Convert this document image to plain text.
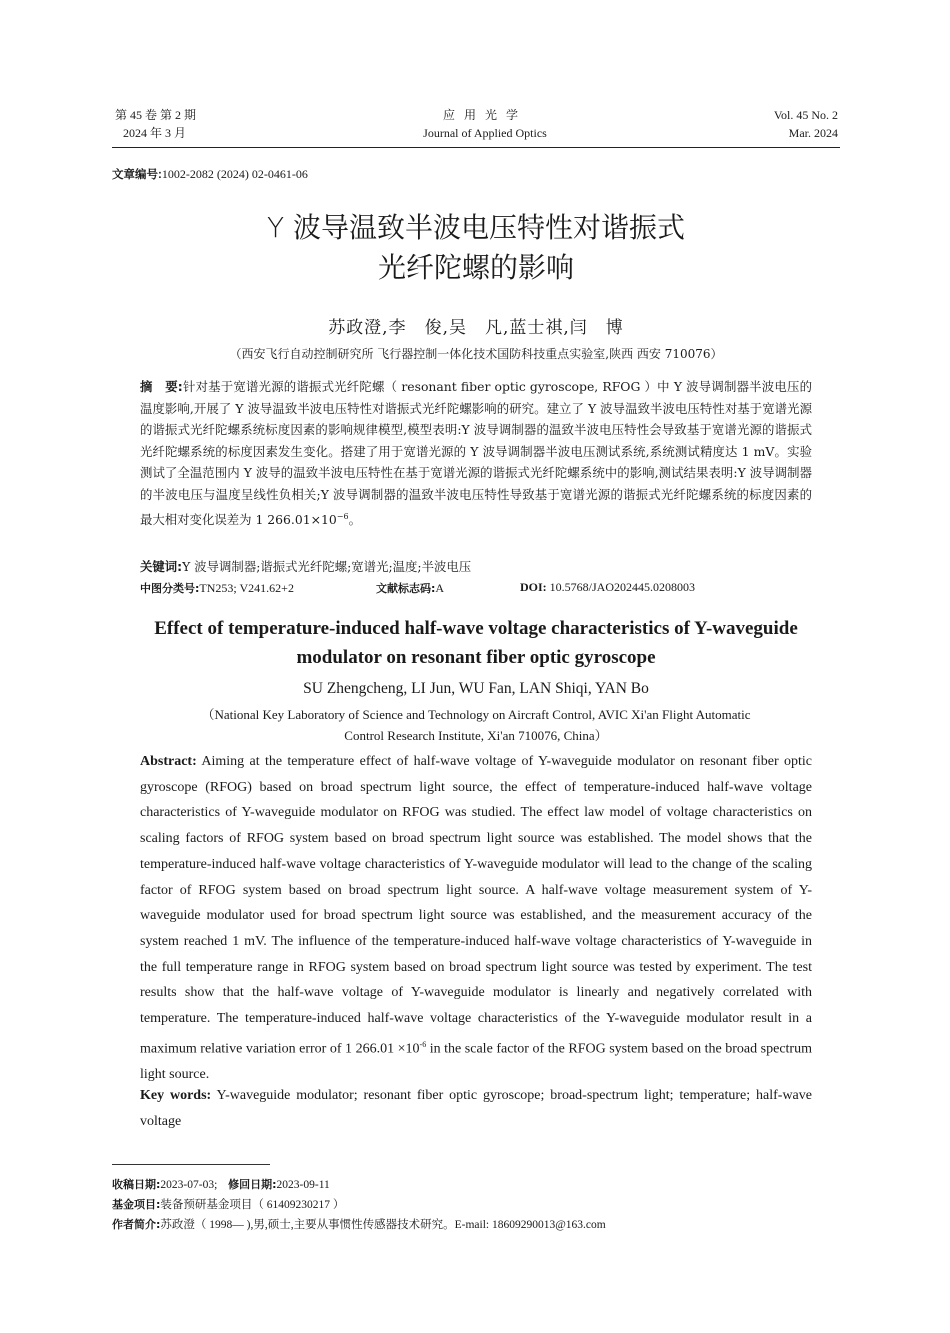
第 45 卷 第 2 期
2024 年 3 月
应用光学
Journal of Applied Optics
Vol. 45 No. 2
Mar. 2024
文章编号:1002-2082 (2024) 02-0461-06
Y 波导温致半波电压特性对谐振式
光纤陀螺的影响
苏政澄,李　俊,吴　凡,蓝士祺,闫　博
（西安飞行自动控制研究所 飞行器控制一体化技术国防科技重点实验室,陕西 西安 710076）
摘　要:针对基于宽谱光源的谐振式光纤陀螺（ resonant fiber optic gyroscope, RFOG ）中 Y 波导调制器半波电压的温度影响,开展了 Y 波导温致半波电压特性对谐振式光纤陀螺影响的研究。建立了 Y 波导温致半波电压特性对基于宽谱光源的谐振式光纤陀螺系统标度因素的影响规律模型,模型表明:Y 波导调制器的温致半波电压特性会导致基于宽谱光源的谐振式光纤陀螺系统的标度因素发生变化。搭建了用于宽谱光源的 Y 波导调制器半波电压测试系统,系统测试精度达 1 mV。实验测试了全温范围内 Y 波导的温致半波电压特性在基于宽谱光源的谐振式光纤陀螺系统中的影响,测试结果表明:Y 波导调制器的半波电压与温度呈线性负相关;Y 波导调制器的温致半波电压特性导致基于宽谱光源的谐振式光纤陀螺系统的标度因素的最大相对变化误差为 1 $266.01\times 10^{-6}$。
关键词:Y 波导调制器;谐振式光纤陀螺;宽谱光;温度;半波电压
中图分类号:TN253; V241.62+2	文献标志码:A	DOI: 10.5768/JAO202445.0208003
Effect of temperature-induced half-wave voltage characteristics of Y-waveguide
modulator on resonant fiber optic gyroscope
SU Zhengcheng, LI Jun, WU Fan, LAN Shiqi, YAN Bo
（National Key Laboratory of Science and Technology on Aircraft Control, AVIC Xi'an Flight Automatic
Control Research Institute, Xi'an 710076, China）
Abstract: Aiming at the temperature effect of half-wave voltage of Y-waveguide modulator on resonant fiber optic gyroscope (RFOG) based on broad spectrum light source, the effect of temperature-induced half-wave voltage characteristics of Y-waveguide modulator on RFOG was studied. The effect law model of voltage characteristics on scaling factors of RFOG system based on broad spectrum light source was established. The model shows that the temperature-induced half-wave voltage characteristics of Y-waveguide modulator will lead to the change of the scaling factor of RFOG system based on broad spectrum light source. A half-wave voltage measurement system of Y-waveguide modulator used for broad spectrum light source was established, and the measurement accuracy of the system reached 1 mV. The influence of the temperature-induced half-wave voltage characteristics of Y-waveguide in the full temperature range in RFOG system based on broad spectrum light source was tested by experiment. The test results show that the half-wave voltage of Y-waveguide modulator is linearly and negatively correlated with temperature. The temperature-induced half-wave voltage characteristics of the Y-waveguide modulator result in a maximum relative variation error of 1 $266.01 \times 10^{-6}$ in the scale factor of the RFOG system based on the broad spectrum light source.
Key words: Y-waveguide modulator; resonant fiber optic gyroscope; broad-spectrum light; temperature; half-wave voltage
收稿日期:2023-07-03; 修回日期:2023-09-11
基金项目:装备预研基金项目（ 61409230217 ）
作者简介:苏政澄（ 1998— ),男,硕士,主要从事惯性传感器技术研究。E-mail: 18609290013@163.com
